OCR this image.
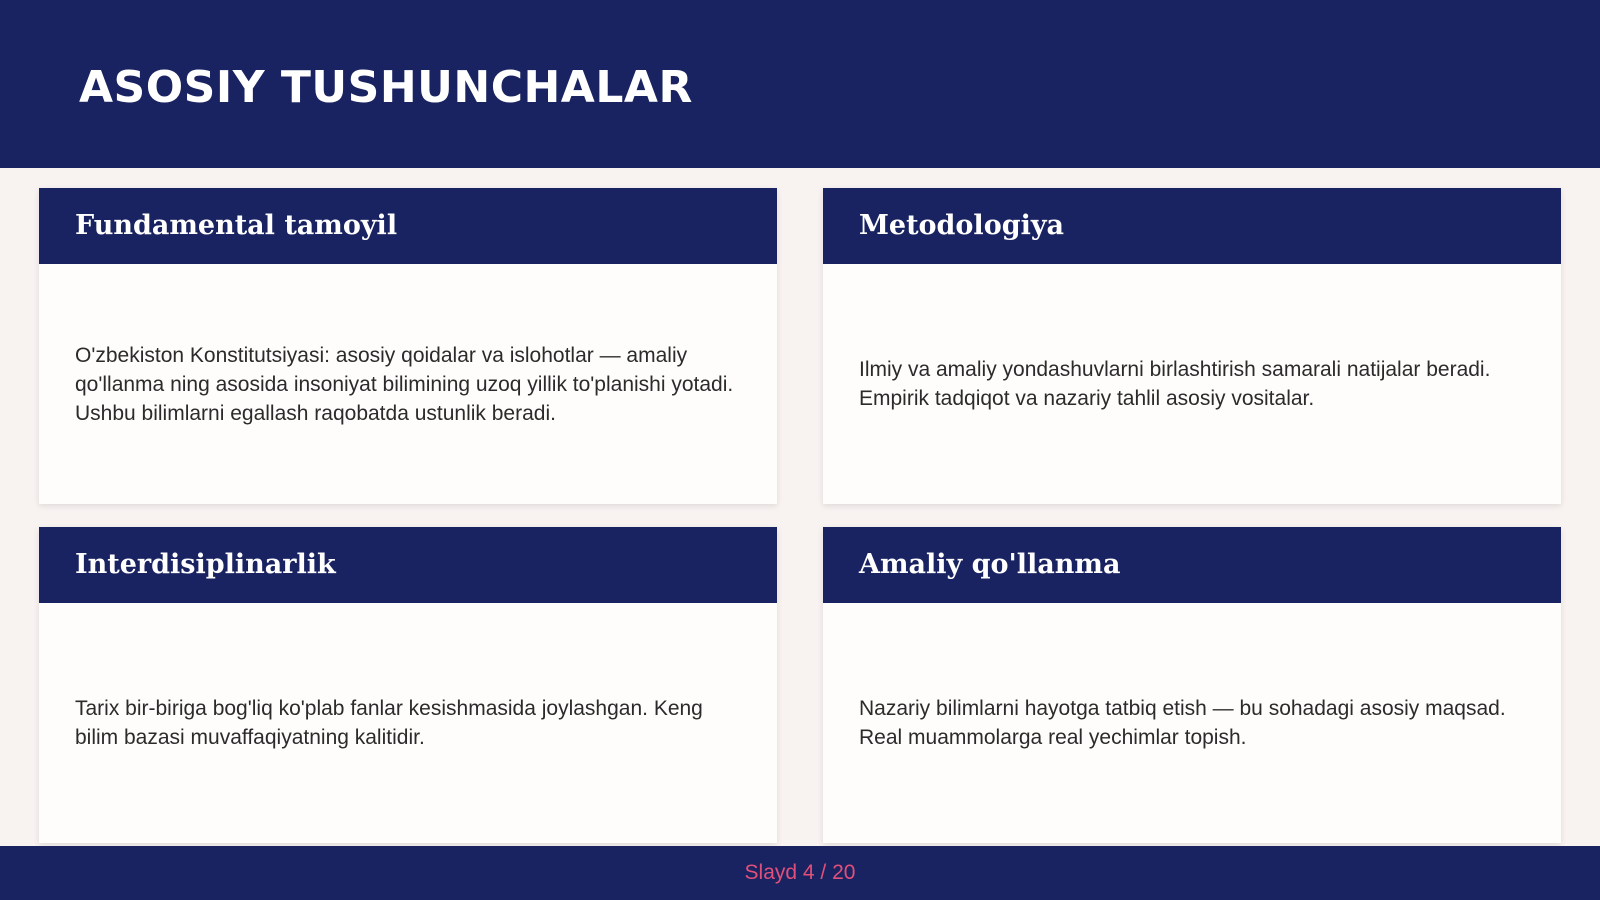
ASOSIY TUSHUNCHALAR
Fundamental tamoyil

O'zbekiston Konstitutsiyasi: asosiy qoidalar va islohotlar — amaliy qo'llanma ning asosida insoniyat bilimining uzoq yillik to'planishi yotadi. Ushbu bilimlarni egallash raqobatda ustunlik beradi.

Metodologiya

Ilmiy va amaliy yondashuvlarni birlashtirish samarali natijalar beradi. Empirik tadqiqot va nazariy tahlil asosiy vositalar.

Interdisiplinarlik

Tarix bir-biriga bog'liq ko'plab fanlar kesishmasida joylashgan. Keng bilim bazasi muvaffaqiyatning kalitidir.

Amaliy qo'llanma

Nazariy bilimlarni hayotga tatbiq etish — bu sohadagi asosiy maqsad. Real muammolarga real yechimlar topish.

Slayd 4 / 20
